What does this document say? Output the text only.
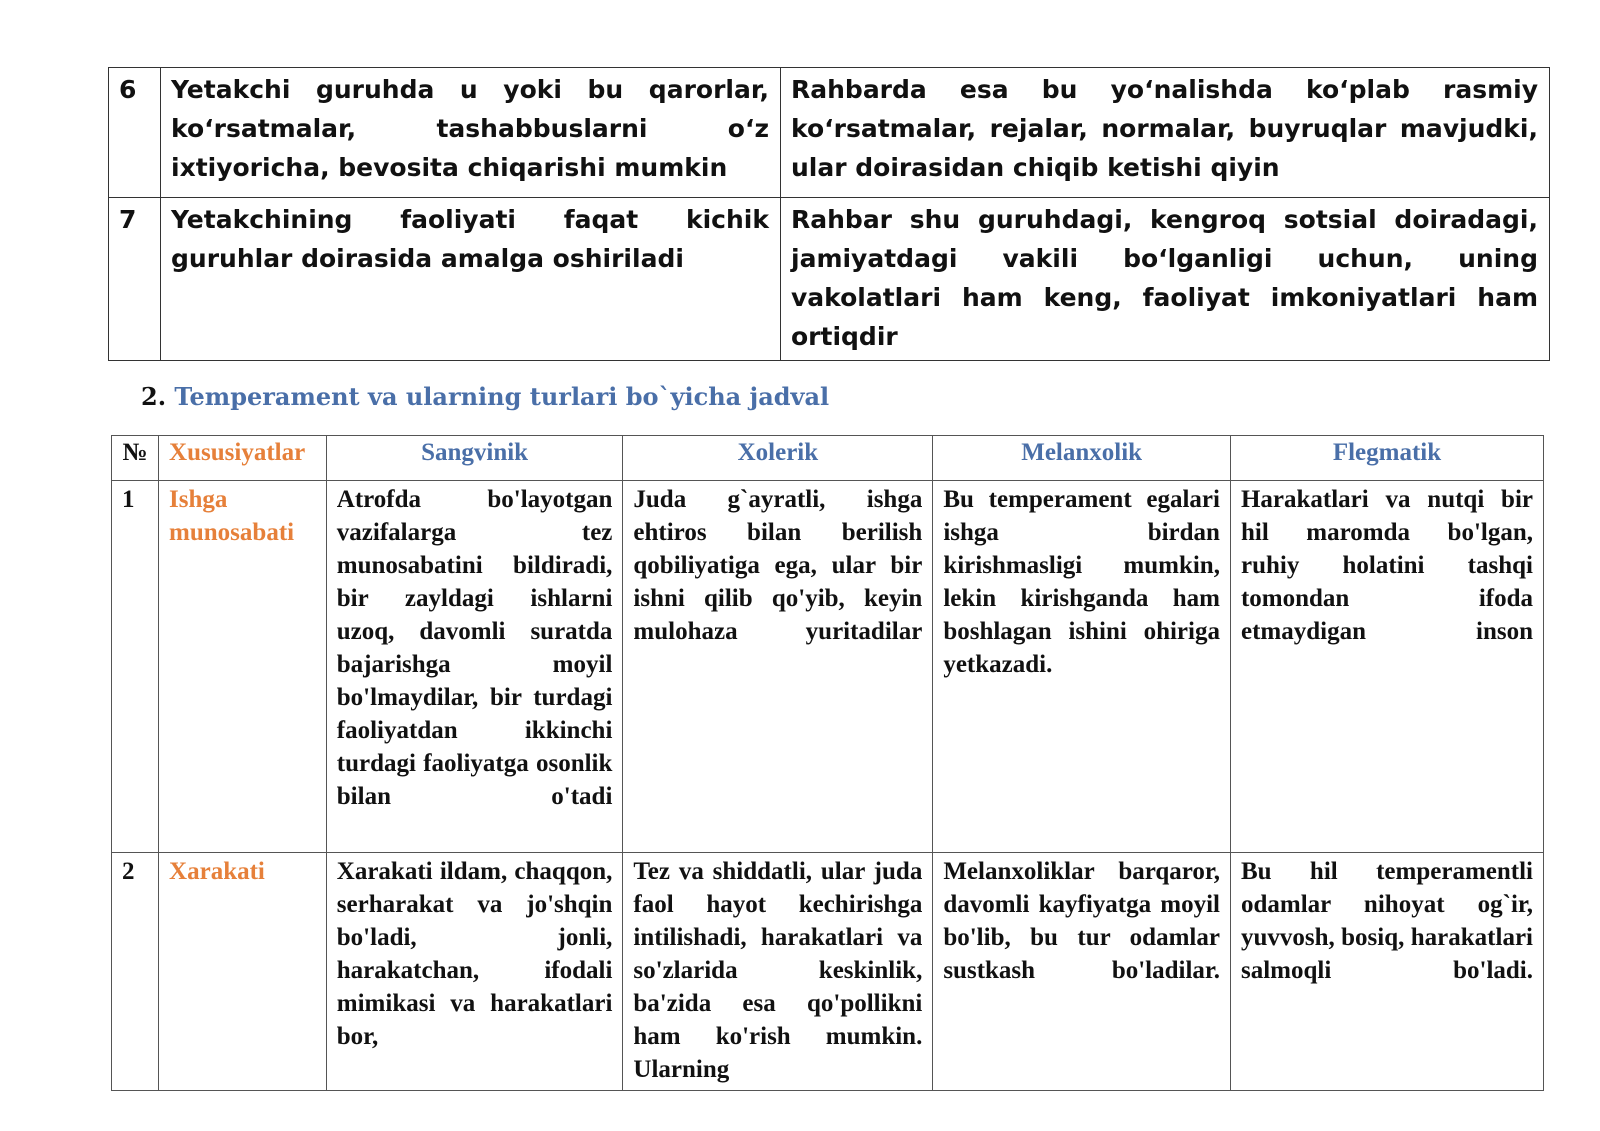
6	Yetakchi guruhda u yoki bu qarorlar, ko‘rsatmalar, tashabbuslarni o‘z ixtiyoricha, bevosita chiqarishi mumkin	Rahbarda esa bu yo‘nalishda ko‘plab rasmiy ko‘rsatmalar, rejalar, normalar, buyruqlar mavjudki, ular doirasidan chiqib ketishi qiyin
7	Yetakchining faoliyati faqat kichik guruhlar doirasida amalga oshiriladi	Rahbar shu guruhdagi, kengroq sotsial doiradagi, jamiyatdagi vakili bo‘lganligi uchun, uning vakolatlari ham keng, faoliyat imkoniyatlari ham ortiqdir
2. Temperament va ularning turlari bo`yicha jadval
№	Xususiyatlar	Sangvinik	Xolerik	Melanxolik	Flegmatik
1	Ishga munosabati	Atrofda bo'layotgan vazifalarga tez munosabatini bildiradi, bir zayldagi ishlarni uzoq, davomli suratda bajarishga moyil bo'lmaydilar, bir turdagi faoliyatdan ikkinchi turdagi faoliyatga osonlik bilan o'tadi	Juda g`ayratli, ishga ehtiros bilan berilish qobiliyatiga ega, ular bir ishni qilib qo'yib, keyin mulohaza yuritadilar	Bu temperament egalari ishga birdan kirishmasligi mumkin, lekin kirishganda ham boshlagan ishini ohiriga yetkazadi.	Harakatlari va nutqi bir hil maromda bo'lgan, ruhiy holatini tashqi tomondan ifoda etmaydigan inson
2	Xarakati	Xarakati ildam, chaqqon, serharakat va jo'shqin bo'ladi, jonli, harakatchan, ifodali mimikasi va harakatlari bor,	Tez va shiddatli, ular juda faol hayot kechirishga intilishadi, harakatlari va so'zlarida keskinlik, ba'zida esa qo'pollikni ham ko'rish mumkin. Ularning	Melanxoliklar barqaror, davomli kayfiyatga moyil bo'lib, bu tur odamlar sustkash bo'ladilar.	Bu hil temperamentli odamlar nihoyat og`ir, yuvvosh, bosiq, harakatlari salmoqli bo'ladi.
